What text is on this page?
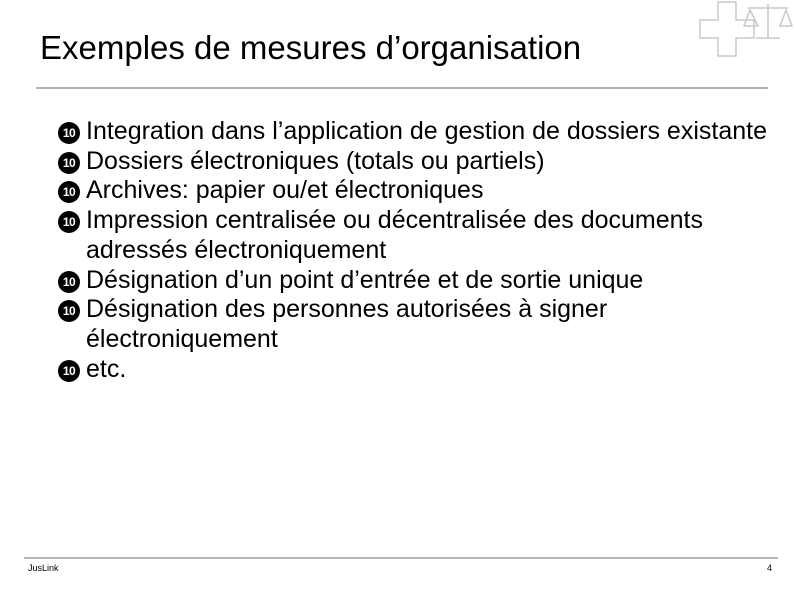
Exemples de mesures d’organisation
10 Integration dans l’application de gestion de dossiers existante
10 Dossiers électroniques (totals ou partiels)
10 Archives: papier ou/et électroniques
10 Impression centralisée ou décentralisée des documents adressés électroniquement
10 Désignation d’un point d’entrée et de sortie unique
10 Désignation des personnes autorisées à signer électroniquement
10 etc.
JusLink	4
